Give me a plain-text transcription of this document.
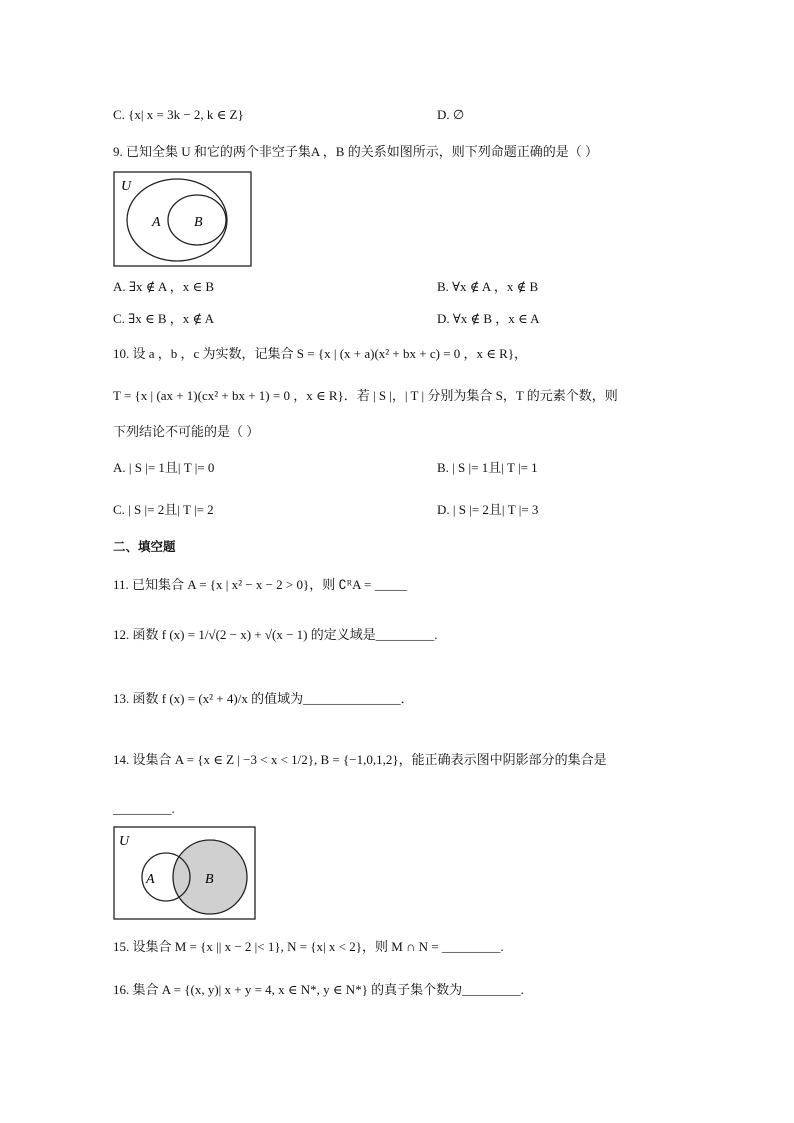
C. {x| x = 3k − 2, k ∈ Z}	D. ∅
9. 已知全集 U 和它的两个非空子集A ，B 的关系如图所示，则下列命题正确的是（ ）
U
A B
A. ∃x ∉ A ，x ∈ B	B. ∀x ∉ A ，x ∉ B
C. ∃x ∈ B ，x ∉ A	D. ∀x ∉ B ，x ∈ A
10. 设 a ，b ，c 为实数，记集合 S = {x | (x + a)(x² + bx + c) = 0 ，x ∈ R}，
T = {x | (ax + 1)(cx² + bx + 1) = 0 ，x ∈ R}．若 | S |，| T | 分别为集合 S，T 的元素个数，则
下列结论不可能的是（ ）
A. | S |= 1且| T |= 0	B. | S |= 1且| T |= 1
C. | S |= 2且| T |= 2	D. | S |= 2且| T |= 3
二、填空题
11. 已知集合 A = {x | x² − x − 2 > 0}，则 ∁ᴿA = _____
12. 函数 f (x) = 1/√(2 − x) + √(x − 1) 的定义域是_________.
13. 函数 f (x) = (x² + 4)/x 的值域为_______________．
14. 设集合 A = {x ∈ Z | −3 < x < 1/2}, B = {−1,0,1,2}，能正确表示图中阴影部分的集合是
_________.
U
A	B
15. 设集合 M = {x || x − 2 |< 1}, N = {x| x < 2}，则 M ∩ N = _________.
16. 集合 A = {(x, y)| x + y = 4, x ∈ N*, y ∈ N*} 的真子集个数为_________.
